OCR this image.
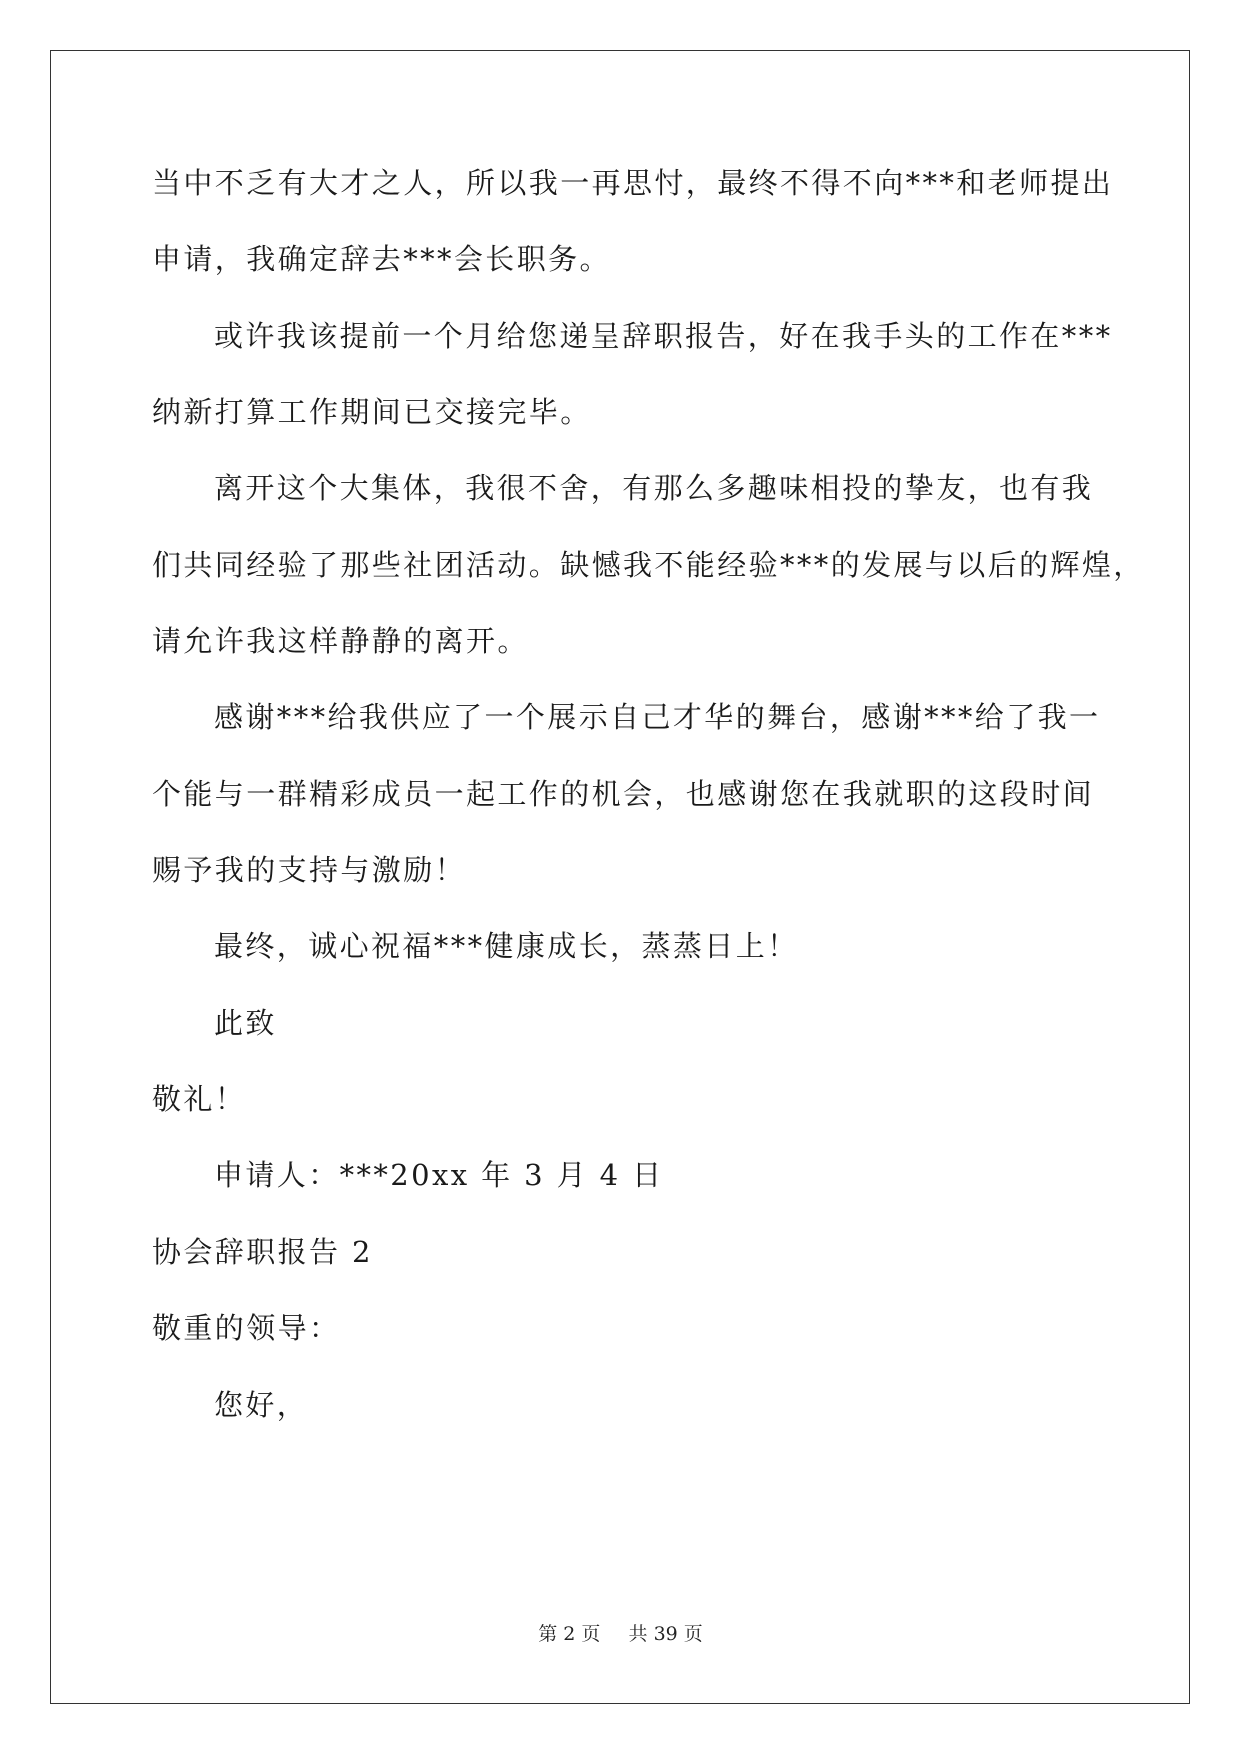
当中不乏有大才之人，所以我一再思忖，最终不得不向***和老师提出
申请，我确定辞去***会长职务。
或许我该提前一个月给您递呈辞职报告，好在我手头的工作在***
纳新打算工作期间已交接完毕。
离开这个大集体，我很不舍，有那么多趣味相投的挚友，也有我
们共同经验了那些社团活动。缺憾我不能经验***的发展与以后的辉煌，
请允许我这样静静的离开。
感谢***给我供应了一个展示自己才华的舞台，感谢***给了我一
个能与一群精彩成员一起工作的机会，也感谢您在我就职的这段时间
赐予我的支持与激励！
最终，诚心祝福***健康成长，蒸蒸日上！
此致
敬礼！
申请人：***20xx 年 3 月 4 日
协会辞职报告 2
敬重的领导：
您好，
第 2 页 共 39 页
